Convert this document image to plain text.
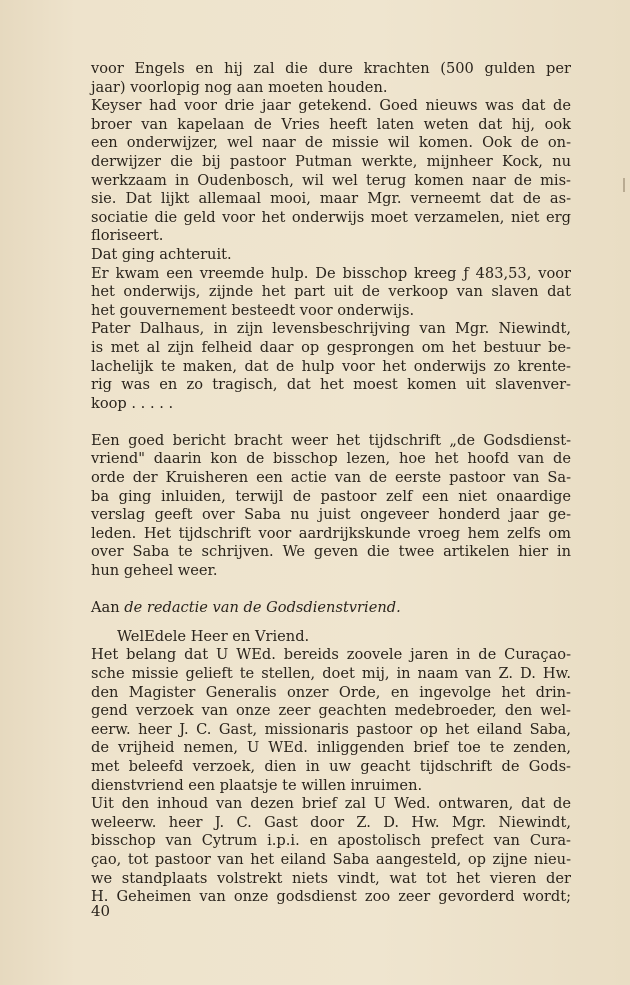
voor Engels en hij zal die dure krachten (500 gulden per
jaar) voorlopig nog aan moeten houden.
Keyser had voor drie jaar getekend. Goed nieuws was dat de
broer van kapelaan de Vries heeft laten weten dat hij, ook
een onderwijzer, wel naar de missie wil komen. Ook de on-
derwijzer die bij pastoor Putman werkte, mijnheer Kock, nu
werkzaam in Oudenbosch, wil wel terug komen naar de mis-
sie. Dat lijkt allemaal mooi, maar Mgr. verneemt dat de as-
sociatie die geld voor het onderwijs moet verzamelen, niet erg
floriseert.
Dat ging achteruit.
Er kwam een vreemde hulp. De bisschop kreeg ƒ 483,53, voor
het onderwijs, zijnde het part uit de verkoop van slaven dat
het gouvernement besteedt voor onderwijs.
Pater Dalhaus, in zijn levensbeschrijving van Mgr. Niewindt,
is met al zijn felheid daar op gesprongen om het bestuur be-
lachelijk te maken, dat de hulp voor het onderwijs zo krente-
rig was en zo tragisch, dat het moest komen uit slavenver-
koop . . . . .
Een goed bericht bracht weer het tijdschrift „de Godsdienst-
vriend" daarin kon de bisschop lezen, hoe het hoofd van de
orde der Kruisheren een actie van de eerste pastoor van Sa-
ba ging inluiden, terwijl de pastoor zelf een niet onaardige
verslag geeft over Saba nu juist ongeveer honderd jaar ge-
leden. Het tijdschrift voor aardrijkskunde vroeg hem zelfs om
over Saba te schrijven. We geven die twee artikelen hier in
hun geheel weer.
Aan de redactie van de Godsdienstvriend.
WelEdele Heer en Vriend.
Het belang dat U WEd. bereids zoovele jaren in de Curaçao-
sche missie gelieft te stellen, doet mij, in naam van Z. D. Hw.
den Magister Generalis onzer Orde, en ingevolge het drin-
gend verzoek van onze zeer geachten medebroeder, den wel-
eerw. heer J. C. Gast, missionaris pastoor op het eiland Saba,
de vrijheid nemen, U WEd. inliggenden brief toe te zenden,
met beleefd verzoek, dien in uw geacht tijdschrift de Gods-
dienstvriend een plaatsje te willen inruimen.
Uit den inhoud van dezen brief zal U Wed. ontwaren, dat de
weleerw. heer J. C. Gast door Z. D. Hw. Mgr. Niewindt,
bisschop van Cytrum i.p.i. en apostolisch prefect van Cura-
çao, tot pastoor van het eiland Saba aangesteld, op zijne nieu-
we standplaats volstrekt niets vindt, wat tot het vieren der
H. Geheimen van onze godsdienst zoo zeer gevorderd wordt;
40
